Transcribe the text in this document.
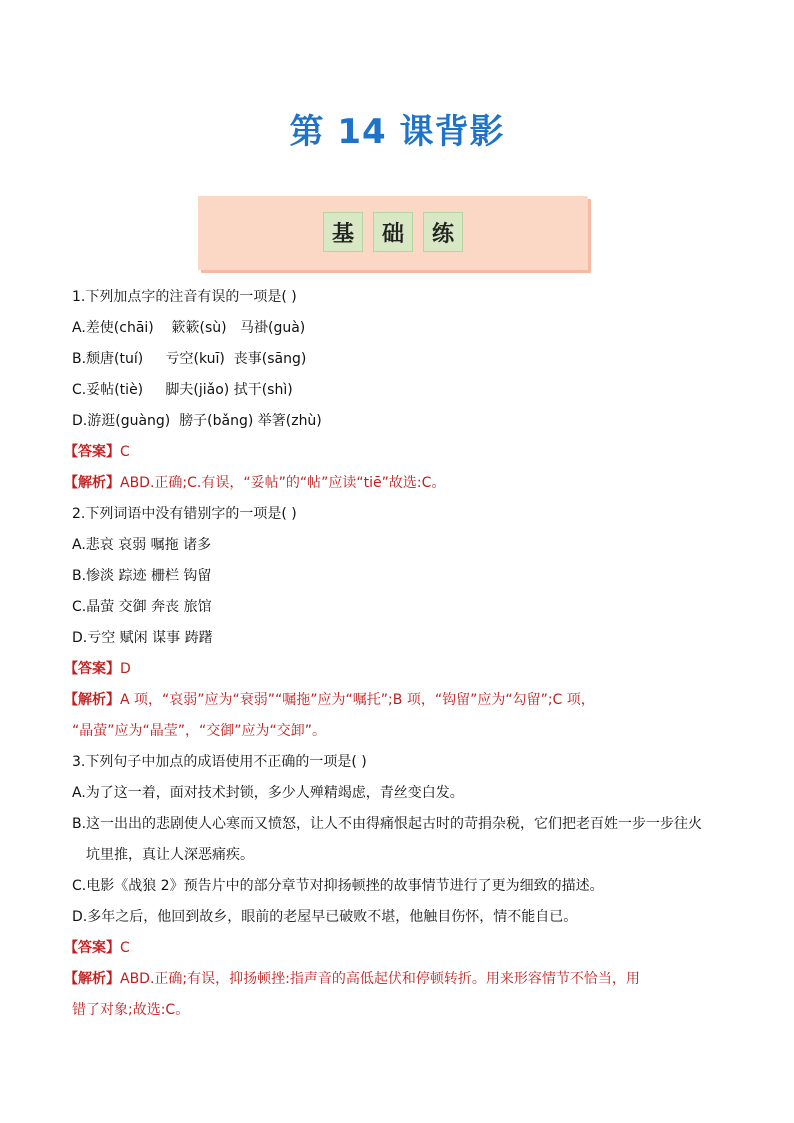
第 14 课背影
基	础	练
1.下列加点字的注音有误的一项是( )
A.差使(chāi)    簌簌(sù)   马褂(guà)
B.颓唐(tuí)     亏空(kuī)  丧事(sāng)
C.妥帖(tiè)     脚夫(jiǎo) 拭干(shì)
D.游逛(guàng)  膀子(bǎng) 举箸(zhù)
【答案】C
【解析】ABD.正确;C.有误，“妥帖”的“帖”应读“tiē”故选:C。
2.下列词语中没有错别字的一项是( )
A.悲哀 哀弱 嘱拖 诸多
B.惨淡 踪迹 栅栏 钩留
C.晶萤 交御 奔丧 旅馆
D.亏空 赋闲 谋事 踌躇
【答案】D
【解析】A 项，“哀弱”应为“衰弱”“嘱拖”应为“嘱托”;B 项，“钩留”应为“勾留”;C 项，
“晶萤”应为“晶莹”，“交御”应为“交卸”。
3.下列句子中加点的成语使用不正确的一项是( )
A.为了这一着，面对技术封锁，多少人殚精竭虑，青丝变白发。
B.这一出出的悲剧使人心寒而又愤怒，让人不由得痛恨起古时的苛捐杂税，它们把老百姓一步一步往火
坑里推，真让人深恶痛疾。
C.电影《战狼 2》预告片中的部分章节对抑扬顿挫的故事情节进行了更为细致的描述。
D.多年之后，他回到故乡，眼前的老屋早已破败不堪，他触目伤怀，情不能自已。
【答案】C
【解析】ABD.正确;有误，抑扬顿挫:指声音的高低起伏和停顿转折。用来形容情节不恰当，用
错了对象;故选:C。
